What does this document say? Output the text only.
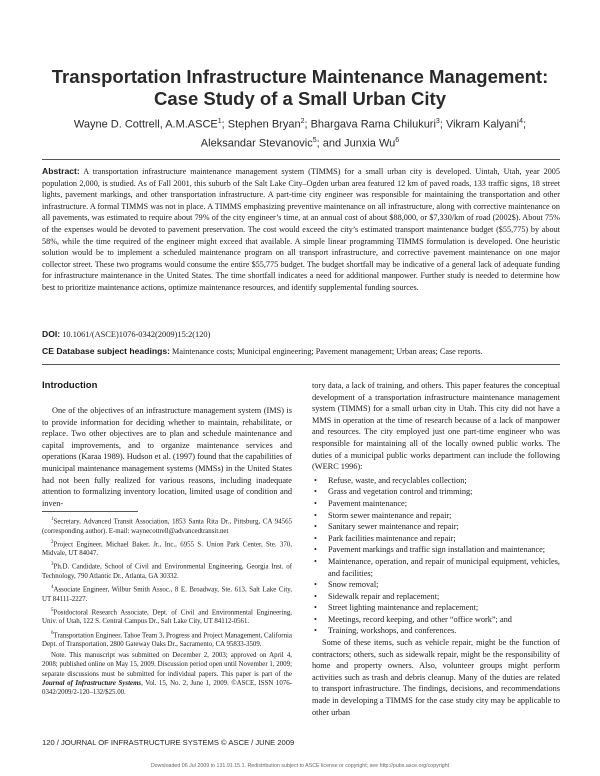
Transportation Infrastructure Maintenance Management:
Case Study of a Small Urban City
Wayne D. Cottrell, A.M.ASCE$^1$; Stephen Bryan$^2$; Bhargava Rama Chilukuri$^3$; Vikram Kalyani$^4$;
Aleksandar Stevanovic$^5$; and Junxia Wu$^6$
Abstract: A transportation infrastructure maintenance management system (TIMMS) for a small urban city is developed. Uintah, Utah, year 2005 population 2,000, is studied. As of Fall 2001, this suburb of the Salt Lake City–Ogden urban area featured 12 km of paved roads, 133 traffic signs, 18 street lights, pavement markings, and other transportation infrastructure. A part-time city engineer was responsible for maintaining the transportation and other infrastructure. A formal TIMMS was not in place. A TIMMS emphasizing preventive maintenance on all infrastructure, along with corrective maintenance on all pavements, was estimated to require about 79% of the city engineer’s time, at an annual cost of about $88,000, or $7,330/km of road (2002$). About 75% of the expenses would be devoted to pavement preservation. The cost would exceed the city’s estimated transport maintenance budget ($55,775) by about 58%, while the time required of the engineer might exceed that available. A simple linear programming TIMMS formulation is developed. One heuristic solution would be to implement a scheduled maintenance program on all transport infrastructure, and corrective pavement maintenance on one major collector street. These two programs would consume the entire $55,775 budget. The budget shortfall may be indicative of a general lack of adequate funding for infrastructure maintenance in the United States. The time shortfall indicates a need for additional manpower. Further study is needed to determine how best to prioritize maintenance actions, optimize maintenance resources, and identify supplemental funding sources.
DOI: 10.1061/(ASCE)1076-0342(2009)15:2(120)
CE Database subject headings: Maintenance costs; Municipal engineering; Pavement management; Urban areas; Case reports.
Introduction

One of the objectives of an infrastructure management system (IMS) is to provide information for deciding whether to maintain, rehabilitate, or replace. Two other objectives are to plan and schedule maintenance and capital improvements, and to organize maintenance services and operations (Karaa 1989). Hudson et al. (1997) found that the capabilities of municipal maintenance management systems (MMSs) in the United States had not been fully realized for various reasons, including inadequate attention to formalizing inventory location, limited usage of condition and inven-

$^1$Secretary, Advanced Transit Association, 1853 Santa Rita Dr., Pittsburg, CA 94565 (corresponding author). E-mail: waynecottrell@advancedtransit.net

$^2$Project Engineer, Michael Baker, Jr., Inc., 6955 S. Union Park Center, Ste. 370, Midvale, UT 84047.

$^3$Ph.D. Candidate, School of Civil and Environmental Engineering, Georgia Inst. of Technology, 790 Atlantic Dr., Atlanta, GA 30332.

$^4$Associate Engineer, Wilbur Smith Assoc., 8 E. Broadway, Ste. 613, Salt Lake City, UT 84111-2227.

$^5$Postdoctoral Research Associate, Dept. of Civil and Environmental Engineering, Univ. of Utah, 122 S. Central Campus Dr., Salt Lake City, UT 84112-0561.

$^6$Transportation Engineer, Tahoe Team 3, Progress and Project Management, California Dept. of Transportation, 2800 Gateway Oaks Dr., Sacramento, CA 95833-3509.

Note. This manuscript was submitted on December 2, 2003; approved on April 4, 2008; published online on May 15, 2009. Discussion period open until November 1, 2009; separate discussions must be submitted for individual papers. This paper is part of the Journal of Infrastructure Systems, Vol. 15, No. 2, June 1, 2009. ©ASCE, ISSN 1076-0342/2009/2-120–132/$25.00.

tory data, a lack of training, and others. This paper features the conceptual development of a transportation infrastructure maintenance management system (TIMMS) for a small urban city in Utah. This city did not have a MMS in operation at the time of research because of a lack of manpower and resources. The city employed just one part-time engineer who was responsible for maintaining all of the locally owned public works. The duties of a municipal public works department can include the following (WERC 1996):

• Refuse, waste, and recyclables collection;
• Grass and vegetation control and trimming;
• Pavement maintenance;
• Storm sewer maintenance and repair;
• Sanitary sewer maintenance and repair;
• Park facilities maintenance and repair;
• Pavement markings and traffic sign installation and maintenance;
• Maintenance, operation, and repair of municipal equipment, vehicles, and facilities;
• Snow removal;
• Sidewalk repair and replacement;
• Street lighting maintenance and replacement;
• Meetings, record keeping, and other “office work”; and
• Training, workshops, and conferences.

Some of these items, such as vehicle repair, might be the function of contractors; others, such as sidewalk repair, might be the responsibility of home and property owners. Also, volunteer groups might perform activities such as trash and debris cleanup. Many of the duties are related to transport infrastructure. The findings, decisions, and recommendations made in developing a TIMMS for the case study city may be applicable to other urban

120 / JOURNAL OF INFRASTRUCTURE SYSTEMS © ASCE / JUNE 2009
Downloaded 06 Jul 2009 to 131.91.15.1. Redistribution subject to ASCE license or copyright; see http://pubs.asce.org/copyright
